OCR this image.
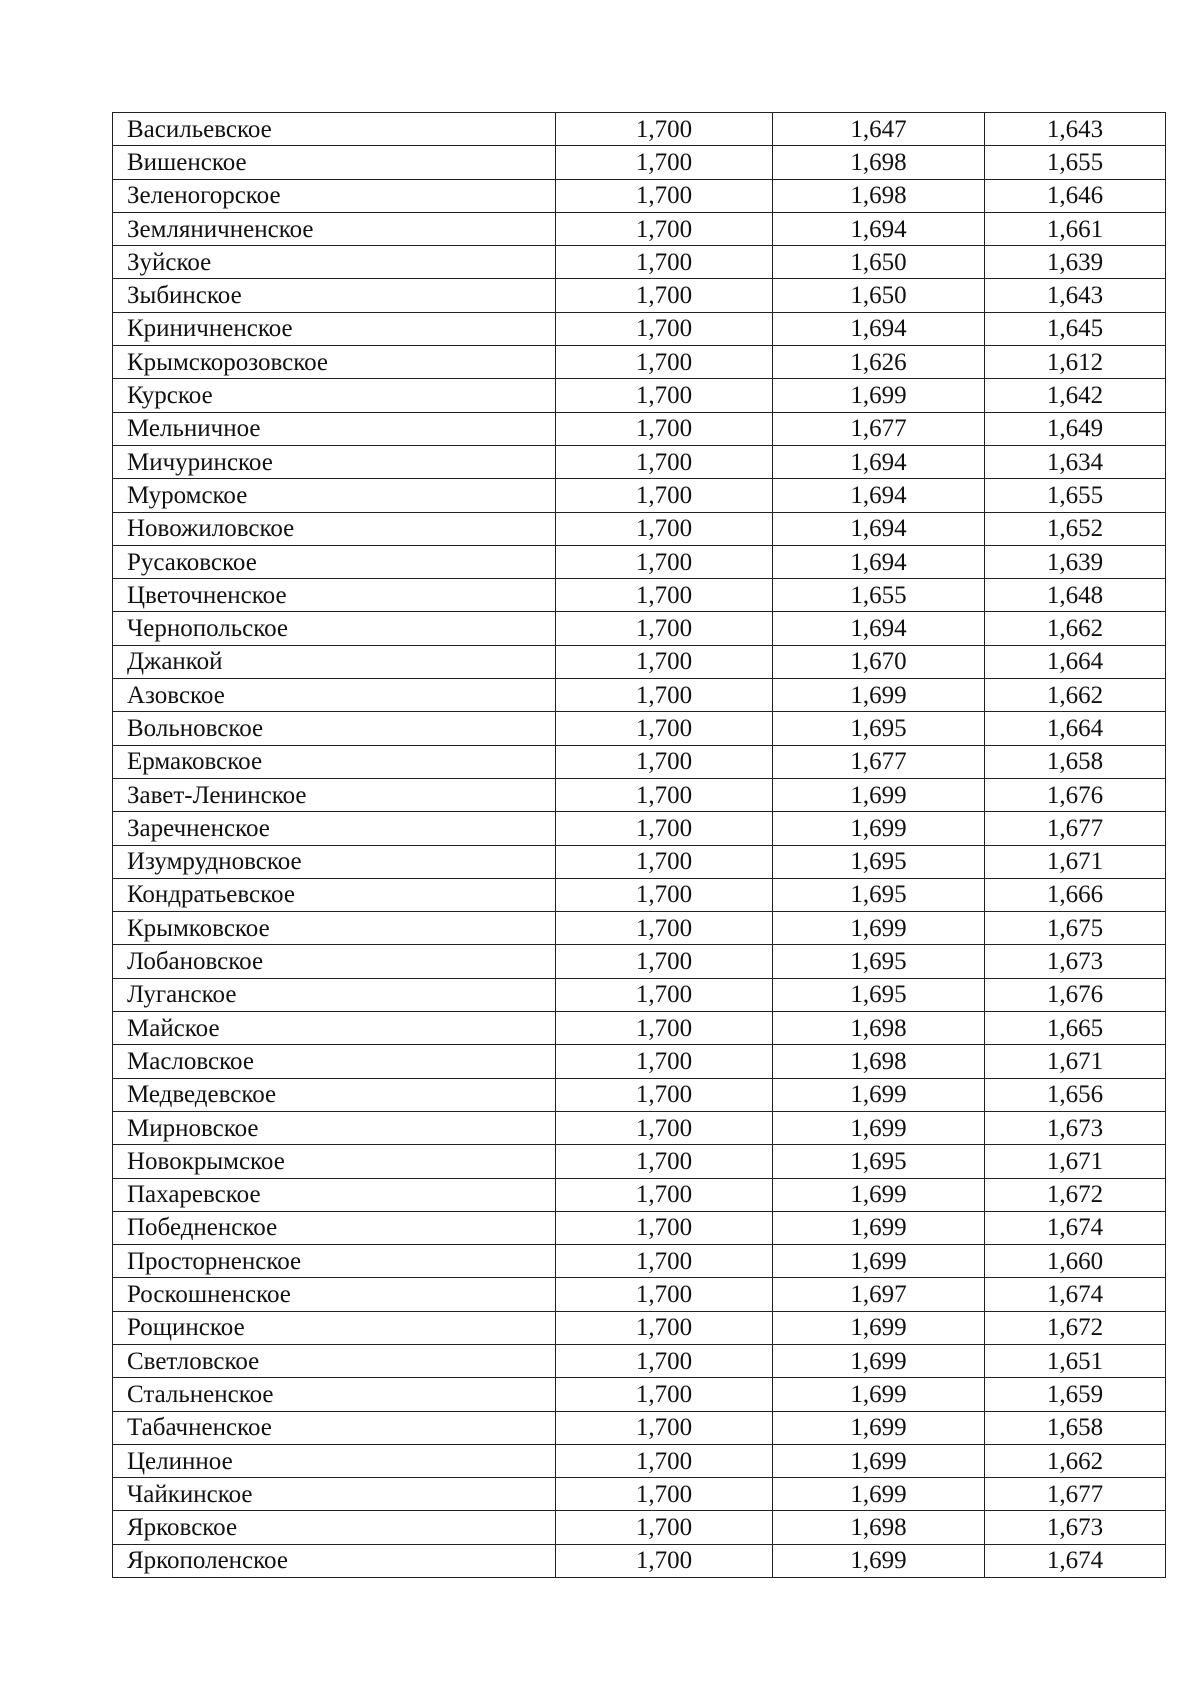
Васильевское	1,700	1,647	1,643
Вишенское	1,700	1,698	1,655
Зеленогорское	1,700	1,698	1,646
Земляничненское	1,700	1,694	1,661
Зуйское	1,700	1,650	1,639
Зыбинское	1,700	1,650	1,643
Криничненское	1,700	1,694	1,645
Крымскорозовское	1,700	1,626	1,612
Курское	1,700	1,699	1,642
Мельничное	1,700	1,677	1,649
Мичуринское	1,700	1,694	1,634
Муромское	1,700	1,694	1,655
Новожиловское	1,700	1,694	1,652
Русаковское	1,700	1,694	1,639
Цветочненское	1,700	1,655	1,648
Чернопольское	1,700	1,694	1,662
Джанкой	1,700	1,670	1,664
Азовское	1,700	1,699	1,662
Вольновское	1,700	1,695	1,664
Ермаковское	1,700	1,677	1,658
Завет-Ленинское	1,700	1,699	1,676
Заречненское	1,700	1,699	1,677
Изумрудновское	1,700	1,695	1,671
Кондратьевское	1,700	1,695	1,666
Крымковское	1,700	1,699	1,675
Лобановское	1,700	1,695	1,673
Луганское	1,700	1,695	1,676
Майское	1,700	1,698	1,665
Масловское	1,700	1,698	1,671
Медведевское	1,700	1,699	1,656
Мирновское	1,700	1,699	1,673
Новокрымское	1,700	1,695	1,671
Пахаревское	1,700	1,699	1,672
Победненское	1,700	1,699	1,674
Просторненское	1,700	1,699	1,660
Роскошненское	1,700	1,697	1,674
Рощинское	1,700	1,699	1,672
Светловское	1,700	1,699	1,651
Стальненское	1,700	1,699	1,659
Табачненское	1,700	1,699	1,658
Целинное	1,700	1,699	1,662
Чайкинское	1,700	1,699	1,677
Ярковское	1,700	1,698	1,673
Яркополенское	1,700	1,699	1,674
